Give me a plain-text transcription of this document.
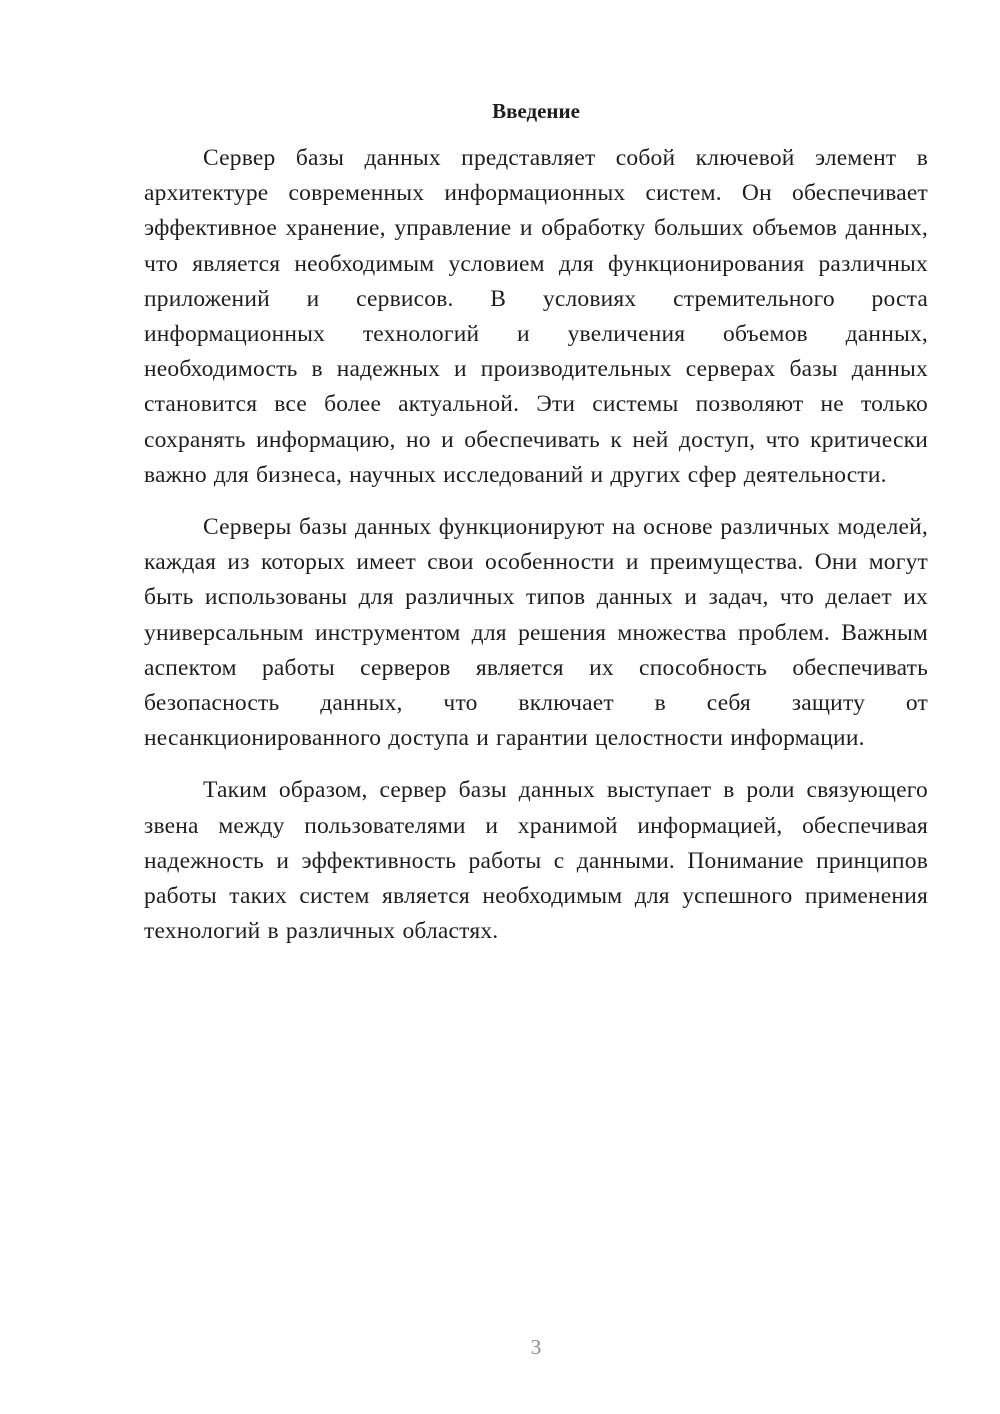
Введение

Сервер базы данных представляет собой ключевой элемент в архитектуре современных информационных систем. Он обеспечивает эффективное хранение, управление и обработку больших объемов данных, что является необходимым условием для функционирования различных приложений и сервисов. В условиях стремительного роста информационных технологий и увеличения объемов данных, необходимость в надежных и производительных серверах базы данных становится все более актуальной. Эти системы позволяют не только сохранять информацию, но и обеспечивать к ней доступ, что критически важно для бизнеса, научных исследований и других сфер деятельности.

Серверы базы данных функционируют на основе различных моделей, каждая из которых имеет свои особенности и преимущества. Они могут быть использованы для различных типов данных и задач, что делает их универсальным инструментом для решения множества проблем. Важным аспектом работы серверов является их способность обеспечивать безопасность данных, что включает в себя защиту от несанкционированного доступа и гарантии целостности информации.

Таким образом, сервер базы данных выступает в роли связующего звена между пользователями и хранимой информацией, обеспечивая надежность и эффективность работы с данными. Понимание принципов работы таких систем является необходимым для успешного применения технологий в различных областях.

3
